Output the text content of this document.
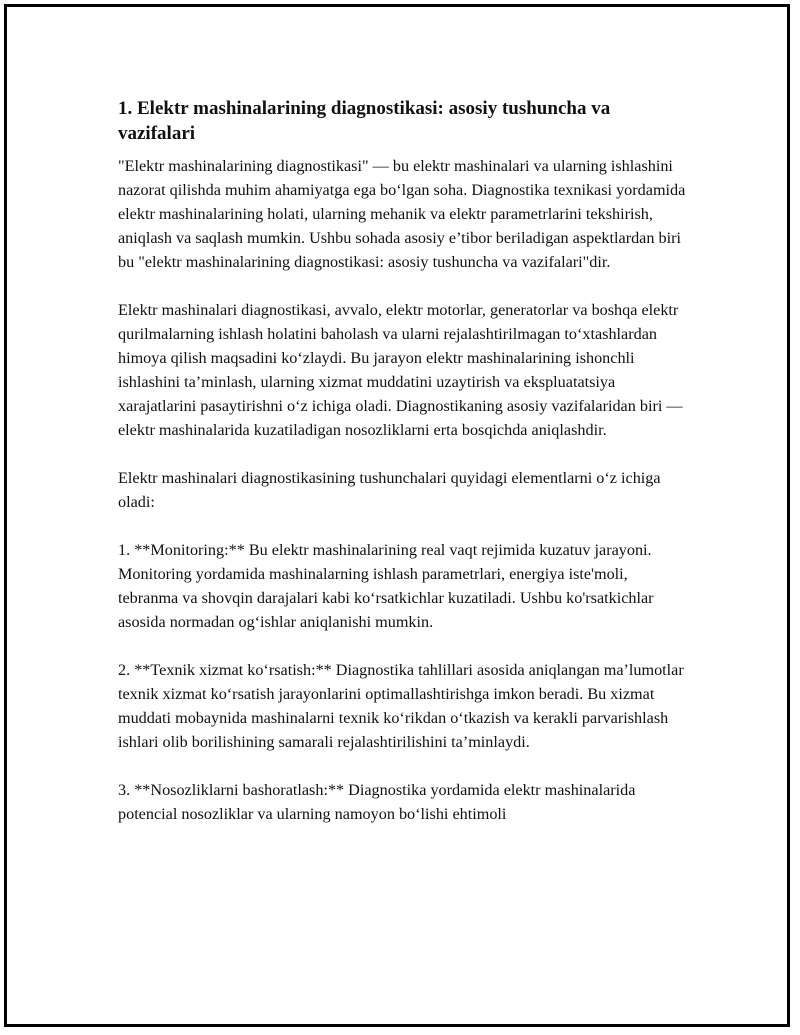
1. Elektr mashinalarining diagnostikasi: asosiy tushuncha va vazifalari

"Elektr mashinalarining diagnostikasi" — bu elektr mashinalari va ularning ishlashini nazorat qilishda muhim ahamiyatga ega bo‘lgan soha. Diagnostika texnikasi yordamida elektr mashinalarining holati, ularning mehanik va elektr parametrlarini tekshirish, aniqlash va saqlash mumkin. Ushbu sohada asosiy e’tibor beriladigan aspektlardan biri bu "elektr mashinalarining diagnostikasi: asosiy tushuncha va vazifalari"dir.

Elektr mashinalari diagnostikasi, avvalo, elektr motorlar, generatorlar va boshqa elektr qurilmalarning ishlash holatini baholash va ularni rejalashtirilmagan to‘xtashlardan himoya qilish maqsadini ko‘zlaydi. Bu jarayon elektr mashinalarining ishonchli ishlashini ta’minlash, ularning xizmat muddatini uzaytirish va ekspluatatsiya xarajatlarini pasaytirishni o‘z ichiga oladi. Diagnostikaning asosiy vazifalaridan biri — elektr mashinalarida kuzatiladigan nosozliklarni erta bosqichda aniqlashdir.

Elektr mashinalari diagnostikasining tushunchalari quyidagi elementlarni o‘z ichiga oladi:

1. **Monitoring:** Bu elektr mashinalarining real vaqt rejimida kuzatuv jarayoni. Monitoring yordamida mashinalarning ishlash parametrlari, energiya iste'moli, tebranma va shovqin darajalari kabi ko‘rsatkichlar kuzatiladi. Ushbu ko'rsatkichlar asosida normadan og‘ishlar aniqlanishi mumkin.

2. **Texnik xizmat ko‘rsatish:** Diagnostika tahlillari asosida aniqlangan ma’lumotlar texnik xizmat ko‘rsatish jarayonlarini optimallashtirishga imkon beradi. Bu xizmat muddati mobaynida mashinalarni texnik ko‘rikdan o‘tkazish va kerakli parvarishlash ishlari olib borilishining samarali rejalashtirilishini ta’minlaydi.

3. **Nosozliklarni bashoratlash:** Diagnostika yordamida elektr mashinalarida potencial nosozliklar va ularning namoyon bo‘lishi ehtimoli
